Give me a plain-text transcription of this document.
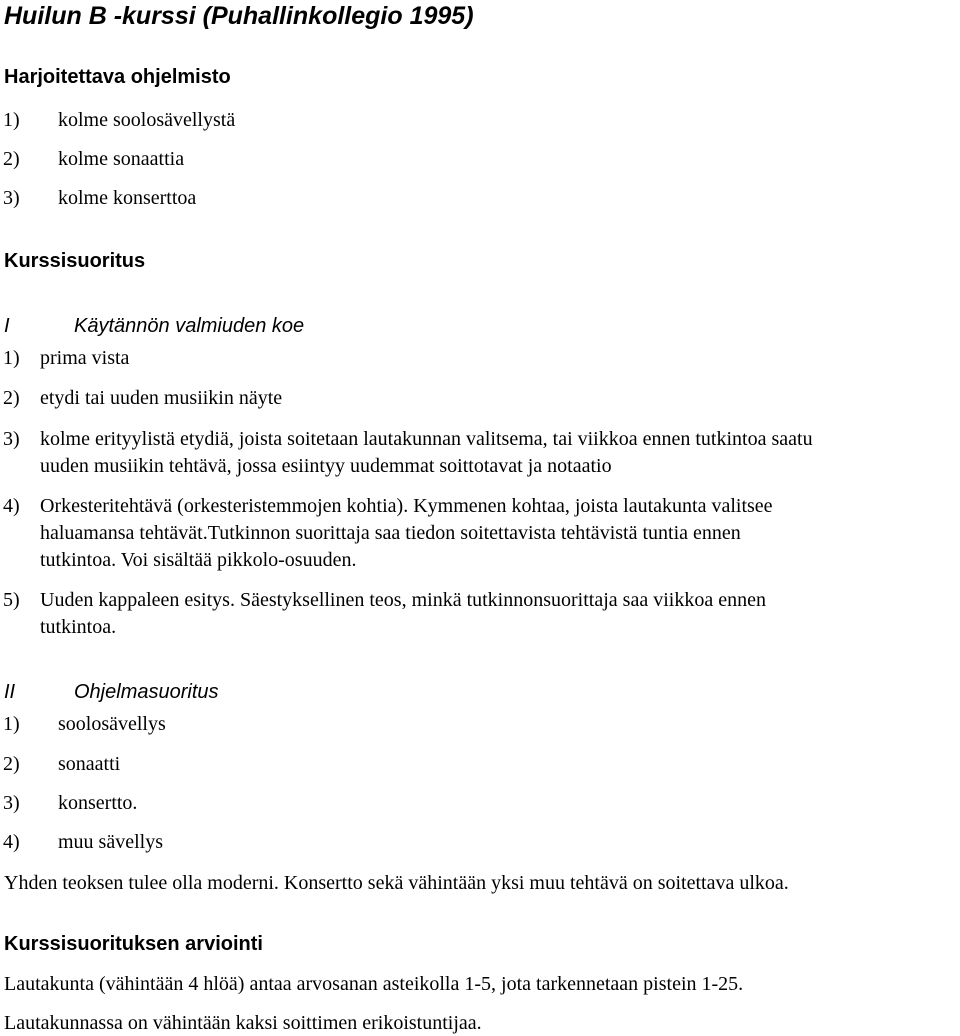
Huilun B -kurssi (Puhallinkollegio 1995)
Harjoitettava ohjelmisto
1) kolme soolosävellystä
2) kolme sonaattia
3) kolme konserttoa
Kurssisuoritus
I	Käytännön valmiuden koe
1) prima vista
2) etydi tai uuden musiikin näyte
3) kolme erityylistä etydiä, joista soitetaan lautakunnan valitsema, tai viikkoa ennen tutkintoa saatu
uuden musiikin tehtävä, jossa esiintyy uudemmat soittotavat ja notaatio
4) Orkesteritehtävä (orkesteristemmojen kohtia). Kymmenen kohtaa, joista lautakunta valitsee
haluamansa tehtävät.Tutkinnon suorittaja saa tiedon soitettavista tehtävistä tuntia ennen
tutkintoa. Voi sisältää pikkolo-osuuden.
5) Uuden kappaleen esitys. Säestyksellinen teos, minkä tutkinnonsuorittaja saa viikkoa ennen
tutkintoa.
II	Ohjelmasuoritus
1) soolosävellys
2) sonaatti
3) konsertto.
4) muu sävellys
Yhden teoksen tulee olla moderni. Konsertto sekä vähintään yksi muu tehtävä on soitettava ulkoa.
Kurssisuorituksen arviointi
Lautakunta (vähintään 4 hlöä) antaa arvosanan asteikolla 1-5, jota tarkennetaan pistein 1-25.
Lautakunnassa on vähintään kaksi soittimen erikoistuntijaa.
